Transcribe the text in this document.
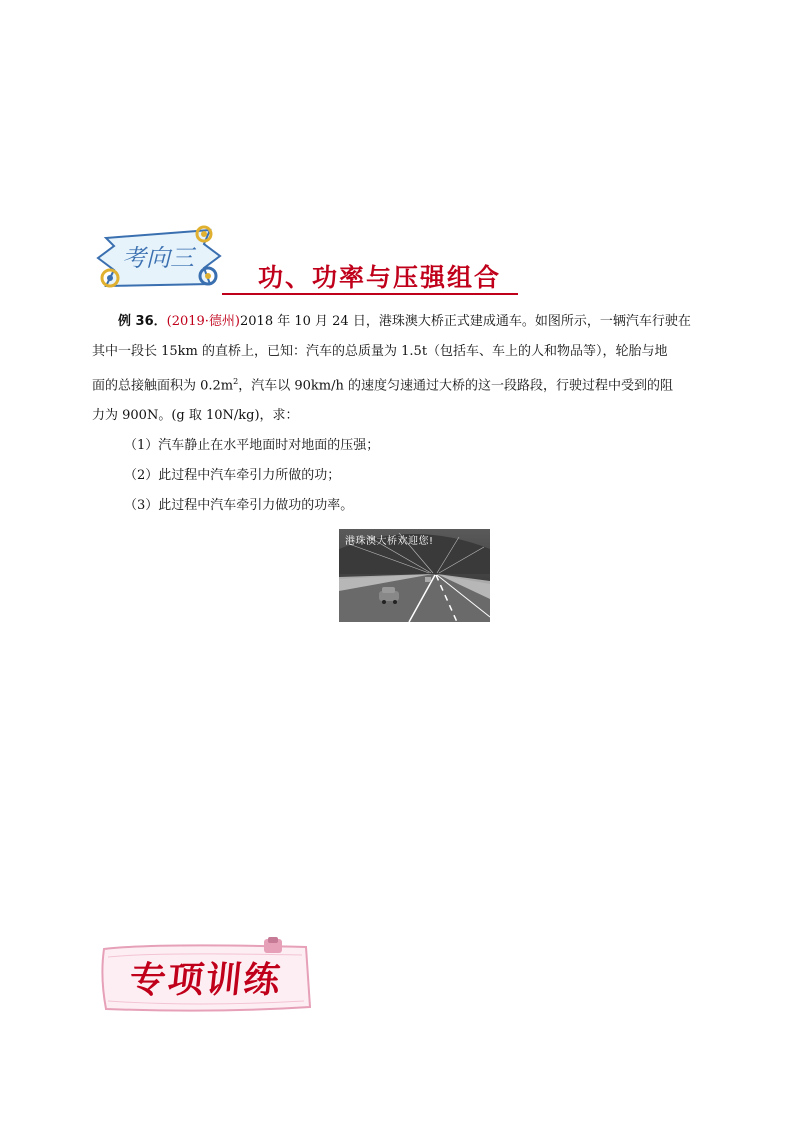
考向三
功、功率与压强组合

例 36．(2019·德州)2018 年 10 月 24 日，港珠澳大桥正式建成通车。如图所示，一辆汽车行驶在

其中一段长 15km 的直桥上，已知：汽车的总质量为 1.5t（包括车、车上的人和物品等），轮胎与地

面的总接触面积为 $0.2m^2$，汽车以 90km/h 的速度匀速通过大桥的这一段路段，行驶过程中受到的阻

力为 900N。(g 取 10N/kg)，求：

（1）汽车静止在水平地面时对地面的压强；

（2）此过程中汽车牵引力所做的功；

（3）此过程中汽车牵引力做功的功率。

港珠澳大桥欢迎您!
专项训练
